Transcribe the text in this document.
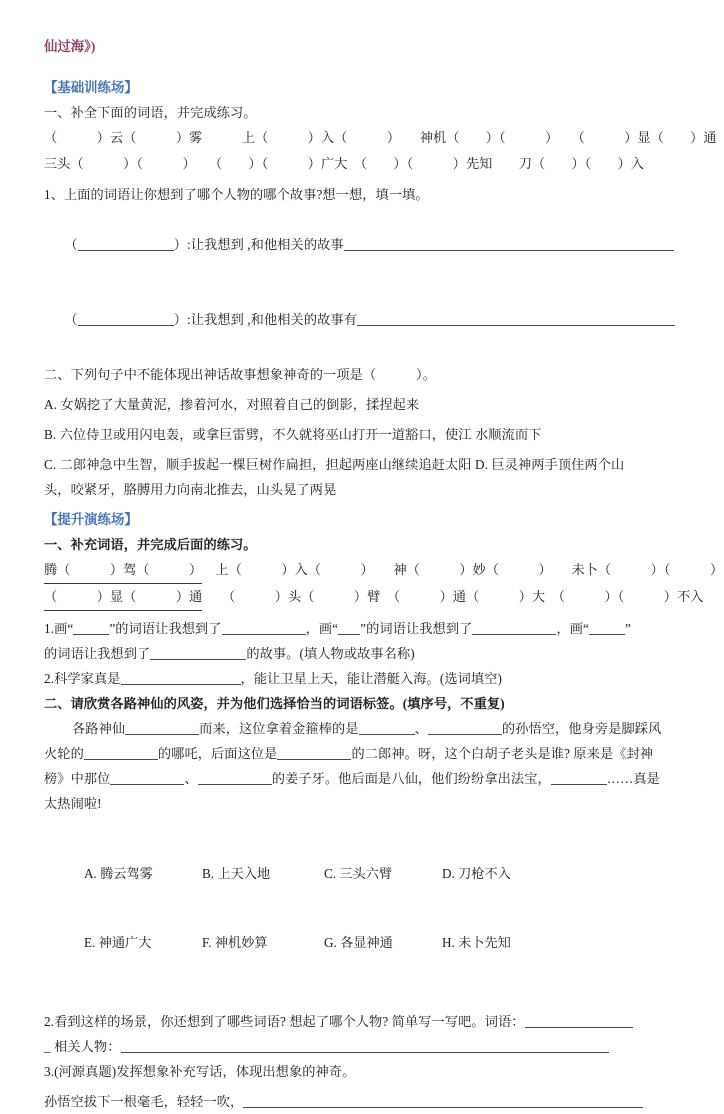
仙过海》)
【基础训练场】
一、补全下面的词语，并完成练习。
（　　　）云（　　　）雾　　　上（　　　）入（　　　）　　神机（　　）（　　　）　　（　　　）显（　　）通
三头（　　　）（　　　）　　（　　）（　　　）广大　（　　）（　　　）先知　　刀（　　）（　　）入
1、上面的词语让你想到了哪个人物的哪个故事?想一想，填一填。

（	）:让我想到 ,和他相关的故事

（	）:让我想到 ,和他相关的故事有

二、下列句子中不能体现出神话故事想象神奇的一项是（　　　）。
A. 女娲挖了大量黄泥，掺着河水，对照着自己的倒影，揉捏起来
B. 六位侍卫或用闪电轰，或拿巨雷劈，不久就将巫山打开一道豁口，使江 水顺流而下
C. 二郎神急中生智，顺手拔起一棵巨树作扁担，担起两座山继续追赶太阳 D. 巨灵神两手顶住两个山
头，咬紧牙，胳膊用力向南北推去，山头晃了两晃
【提升演练场】
一、补充词语，并完成后面的练习。
腾（　　　）驾（　　　）　上（　　　）入（　　　）　　神（　　　）妙（　　　）　　未卜（　　　）（　　　）
（　　　）显（　　　）通　　（　　　）头（　　　）臂　（　　　）通（　　　）大　（　　　）（　　　）不入
1.画“	”的词语让我想到了	，画“ ”的词语让我想到了	，画“	”
的词语让我想到了	的故事。(填人物或故事名称)
2.科学家真是	，能让卫星上天，能让潜艇入海。(选词填空)
二、请欣赏各路神仙的风姿，并为他们选择恰当的词语标签。(填序号，不重复)
各路神仙	而来，这位拿着金箍棒的是	、	的孙悟空，他身旁是脚踩风
火轮的	的哪吒，后面这位是	的二郎神。呀，这个白胡子老头是谁? 原来是《封神
榜》中那位	、	的姜子牙。他后面是八仙，他们纷纷拿出法宝，	……真是
太热闹啦!

A. 腾云驾雾	B. 上天入地	C. 三头六臂	D. 刀枪不入

E. 神通广大	F. 神机妙算	G. 各显神通	H. 未卜先知

2.看到这样的场景，你还想到了哪些词语? 想起了哪个人物? 简单写一写吧。词语：
_ 相关人物：
3.(河源真题)发挥想象补充写话，体现出想象的神奇。
孙悟空拔下一根毫毛，轻轻一吹，
